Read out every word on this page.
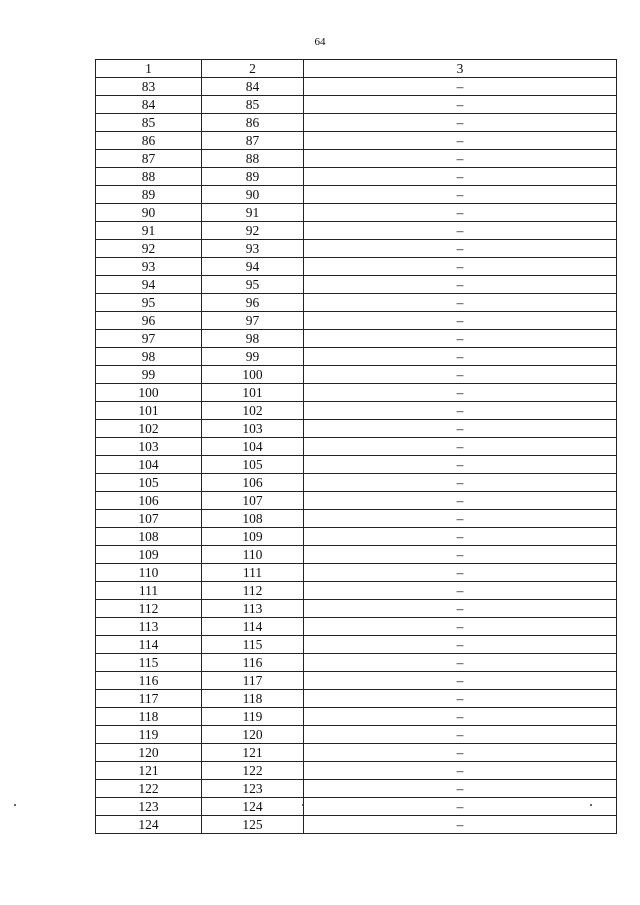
64
1	2	3
83	84	–
84	85	–
85	86	–
86	87	–
87	88	–
88	89	–
89	90	–
90	91	–
91	92	–
92	93	–
93	94	–
94	95	–
95	96	–
96	97	–
97	98	–
98	99	–
99	100	–
100	101	–
101	102	–
102	103	–
103	104	–
104	105	–
105	106	–
106	107	–
107	108	–
108	109	–
109	110	–
110	111	–
111	112	–
112	113	–
113	114	–
114	115	–
115	116	–
116	117	–
117	118	–
118	119	–
119	120	–
120	121	–
121	122	–
122	123	–
123	124	–
124	125	–
